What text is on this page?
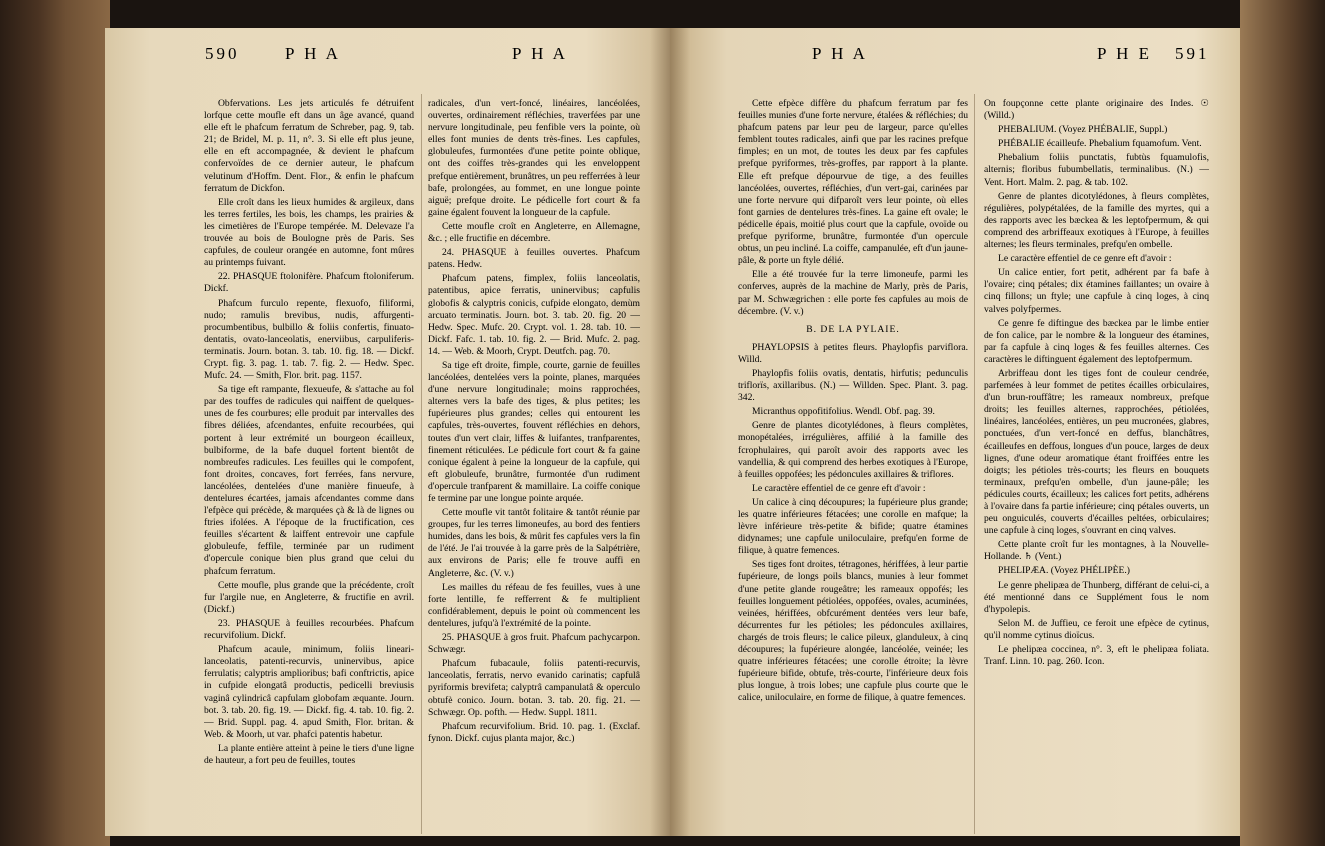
590	P H A	P H A	P H A	P H E 591

Obfervations. Les jets articulés fe détruifent lorfque cette moufle eft dans un âge avancé, quand elle eft le phafcum ferratum de Schreber, pag. 9, tab. 21; de Bridel, M. p. 11, n°. 3. Si elle eft plus jeune, elle en eft accompagnée, & devient le phafcum confervoïdes de ce dernier auteur, le phafcum velutinum d'Hoffm. Dent. Flor., & enfin le phafcum ferratum de Dickfon.

Elle croît dans les lieux humides & argileux, dans les terres fertiles, les bois, les champs, les prairies & les cimetières de l'Europe tempérée. M. Delevaze l'a trouvée au bois de Boulogne près de Paris. Ses capfules, de couleur orangée en automne, font mûres au printemps fuivant.

22. PHASQUE ftolonifère. Phafcum ftoloniferum. Dickf.

Phafcum furculo repente, flexuofo, filiformi, nudo; ramulis brevibus, nudis, affurgenti-procumbentibus, bulbillo & foliis confertis, finuato-dentatis, ovato-lanceolatis, enerviibus, carpuliferis-terminatis. Journ. botan. 3. tab. 10. fig. 18. — Dickf. Crypt. fig. 3. pag. 1. tab. 7. fig. 2. — Hedw. Spec. Mufc. 24. — Smith, Flor. brit. pag. 1157.

Sa tige eft rampante, flexueufe, & s'attache au fol par des touffes de radicules qui naiffent de quelques-unes de fes courbures; elle produit par intervalles des fibres déliées, afcendantes, enfuite recourbées, qui portent à leur extrémité un bourgeon écailleux, bulbiforme, de la bafe duquel fortent bientôt de nombreufes radicules. Les feuilles qui le compofent, font droites, concaves, fort ferrées, fans nervure, lancéolées, dentelées d'une manière finueufe, à dentelures écartées, jamais afcendantes comme dans l'efpèce qui précède, & marquées çà & là de lignes ou ftries ifolées. A l'époque de la fructification, ces feuilles s'écartent & laiffent entrevoir une capfule globuleufe, feffile, terminée par un rudiment d'opercule conique bien plus grand que celui du phafcum ferratum.

Cette moufle, plus grande que la précédente, croît fur l'argile nue, en Angleterre, & fructifie en avril. (Dickf.)

23. PHASQUE à feuilles recourbées. Phafcum recurvifolium. Dickf.

Phafcum acaule, minimum, foliis lineari-lanceolatis, patenti-recurvis, uninervibus, apice ferrulatis; calyptris amplioribus; bafi conftrictis, apice in cufpide elongatâ productis, pedicelli breviusis vaginâ cylindricâ capfulam globofam æquante. Journ. bot. 3. tab. 20. fig. 19. — Dickf. fig. 4. tab. 10. fig. 2. — Brid. Suppl. pag. 4. apud Smith, Flor. britan. & Web. & Moorh, ut var. phafci patentis habetur.

La plante entière atteint à peine le tiers d'une ligne de hauteur, a fort peu de feuilles, toutes

radicales, d'un vert-foncé, linéaires, lancéolées, ouvertes, ordinairement réfléchies, traverfées par une nervure longitudinale, peu fenfible vers la pointe, où elles font munies de dents très-fines. Les capfules, globuleufes, furmontées d'une petite pointe oblique, ont des coiffes très-grandes qui les enveloppent prefque entièrement, brunâtres, un peu refferrées à leur bafe, prolongées, au fommet, en une longue pointe aiguë; prefque droite. Le pédicelle fort court & fa gaine égalent fouvent la longueur de la capfule.

Cette moufle croît en Angleterre, en Allemagne, &c. ; elle fructifie en décembre.

24. PHASQUE à feuilles ouvertes. Phafcum patens. Hedw.

Phafcum patens, fimplex, foliis lanceolatis, patentibus, apice ferratis, uninervibus; capfulis globofis & calyptris conicis, cufpide elongato, demùm arcuato terminatis. Journ. bot. 3. tab. 20. fig. 20 — Hedw. Spec. Mufc. 20. Crypt. vol. 1. 28. tab. 10. — Dickf. Fafc. 1. tab. 10. fig. 2. — Brid. Mufc. 2. pag. 14. — Web. & Moorh, Crypt. Deutfch. pag. 70.

Sa tige eft droite, fimple, courte, garnie de feuilles lancéolées, dentelées vers la pointe, planes, marquées d'une nervure longitudinale; moins rapprochées, alternes vers la bafe des tiges, & plus petites; les fupérieures plus grandes; celles qui entourent les capfules, très-ouvertes, fouvent réfléchies en dehors, toutes d'un vert clair, liffes & luifantes, tranfparentes, finement réticulées. Le pédicule fort court & fa gaine conique égalent à peine la longueur de la capfule, qui eft globuleufe, brunâtre, furmontée d'un rudiment d'opercule tranfparent & mamillaire. La coiffe conique fe termine par une longue pointe arquée.

Cette moufle vit tantôt folitaire & tantôt réunie par groupes, fur les terres limoneufes, au bord des fentiers humides, dans les bois, & mûrit fes capfules vers la fin de l'été. Je l'ai trouvée à la garre près de la Salpétrière, aux environs de Paris; elle fe trouve auffi en Angleterre, &c. (V. v.)

Les mailles du réfeau de fes feuilles, vues à une forte lentille, fe refferrent & fe multiplient confidérablement, depuis le point où commencent les dentelures, jufqu'à l'extrémité de la pointe.

25. PHASQUE à gros fruit. Phafcum pachycarpon. Schwægr.

Phafcum fubacaule, foliis patenti-recurvis, lanceolatis, ferratis, nervo evanido carinatis; capfulâ pyriformis brevifeta; calyptrâ campanulatâ & operculo obtufè conico. Journ. botan. 3. tab. 20. fig. 21. — Schwægr. Op. pofth. — Hedw. Suppl. 1811.

Phafcum recurvifolium. Brid. 10. pag. 1. (Exclaf. fynon. Dickf. cujus planta major, &c.)

Cette efpèce diffère du phafcum ferratum par fes feuilles munies d'une forte nervure, étalées & réfléchies; du phafcum patens par leur peu de largeur, parce qu'elles femblent toutes radicales, ainfi que par les racines prefque fimples; en un mot, de toutes les deux par fes capfules prefque pyriformes, très-groffes, par rapport à la plante. Elle eft prefque dépourvue de tige, a des feuilles lancéolées, ouvertes, réfléchies, d'un vert-gai, carinées par une forte nervure qui difparoît vers leur pointe, où elles font garnies de dentelures très-fines. La gaine eft ovale; le pédicelle épais, moitié plus court que la capfule, ovoïde ou prefque pyriforme, brunâtre, furmontée d'un opercule obtus, un peu incliné. La coiffe, campanulée, eft d'un jaune-pâle, & porte un ftyle délié.

Elle a été trouvée fur la terre limoneufe, parmi les conferves, auprès de la machine de Marly, près de Paris, par M. Schwægrichen : elle porte fes capfules au mois de décembre. (V. v.)

B. DE LA PYLAIE.

PHAYLOPSIS à petites fleurs. Phaylopfis parviflora. Willd.

Phaylopfis foliis ovatis, dentatis, hirfutis; pedunculis triflorïs, axillaribus. (N.) — Willden. Spec. Plant. 3. pag. 342.

Micranthus oppofitifolius. Wendl. Obf. pag. 39.

Genre de plantes dicotylédones, à fleurs complètes, monopétalées, irrégulières, affilié à la famille des fcrophulaires, qui paroît avoir des rapports avec les vandellia, & qui comprend des herbes exotiques à l'Europe, à feuilles oppofées; les pédoncules axillaires & triflores.

Le caractère effentiel de ce genre eft d'avoir :

Un calice à cinq découpures; la fupérieure plus grande; les quatre inférieures fétacées; une corolle en mafque; la lèvre inférieure très-petite & bifide; quatre étamines didynames; une capfule uniloculaire, prefqu'en forme de filique, à quatre femences.

Ses tiges font droites, tétragones, hériffées, à leur partie fupérieure, de longs poils blancs, munies à leur fommet d'une petite glande rougeâtre; les rameaux oppofés; les feuilles longuement pétiolées, oppofées, ovales, acuminées, veinées, hériffées, obfcurément dentées vers leur bafe, décurrentes fur les pétioles; les pédoncules axillaires, chargés de trois fleurs; le calice pileux, glanduleux, à cinq découpures; la fupérieure alongée, lancéolée, veinée; les quatre inférieures fétacées; une corolle étroite; la lèvre fupérieure bifide, obtufe, très-courte, l'inférieure deux fois plus longue, à trois lobes; une capfule plus courte que le calice, uniloculaire, en forme de filique, à quatre femences.

On foupçonne cette plante originaire des Indes. ☉ (Willd.)

PHEBALIUM. (Voyez PHÉBALIE, Suppl.)

PHÉBALIE écailleufe. Phebalium fquamofum. Vent.

Phebalium foliis punctatis, fubtùs fquamulofis, alternis; floribus fubumbellatis, terminalibus. (N.) — Vent. Hort. Malm. 2. pag. & tab. 102.

Genre de plantes dicotylédones, à fleurs complètes, régulières, polypétalées, de la famille des myrtes, qui a des rapports avec les bæckea & les leptofpermum, & qui comprend des arbriffeaux exotiques à l'Europe, à feuilles alternes; les fleurs terminales, prefqu'en ombelle.

Le caractère effentiel de ce genre eft d'avoir :

Un calice entier, fort petit, adhérent par fa bafe à l'ovaire; cinq pétales; dix étamines faillantes; un ovaire à cinq fillons; un ftyle; une capfule à cinq loges, à cinq valves polyfpermes.

Ce genre fe diftingue des bæckea par le limbe entier de fon calice, par le nombre & la longueur des étamines, par fa capfule à cinq loges & fes feuilles alternes. Ces caractères le diftinguent également des leptofpermum.

Arbriffeau dont les tiges font de couleur cendrée, parfemées à leur fommet de petites écailles orbiculaires, d'un brun-rouffâtre; les rameaux nombreux, prefque droits; les feuilles alternes, rapprochées, pétiolées, linéaires, lancéolées, entières, un peu mucronées, glabres, ponctuées, d'un vert-foncé en deffus, blanchâtres, écailleufes en deffous, longues d'un pouce, larges de deux lignes, d'une odeur aromatique étant froiffées entre les doigts; les pétioles très-courts; les fleurs en bouquets terminaux, prefqu'en ombelle, d'un jaune-pâle; les pédicules courts, écailleux; les calices fort petits, adhérens à l'ovaire dans fa partie inférieure; cinq pétales ouverts, un peu onguiculés, couverts d'écailles peltées, orbiculaires; une capfule à cinq loges, s'ouvrant en cinq valves.

Cette plante croît fur les montagnes, à la Nouvelle-Hollande. ♄ (Vent.)

PHELIPÆA. (Voyez PHÉLIPÈE.)

Le genre phelipæa de Thunberg, différant de celui-ci, a été mentionné dans ce Supplément fous le nom d'hypolepis.

Selon M. de Juffieu, ce feroit une efpèce de cytinus, qu'il nomme cytinus dioïcus.

Le phelipæa coccinea, n°. 3, eft le phelipæa foliata. Tranf. Linn. 10. pag. 260. Icon.
